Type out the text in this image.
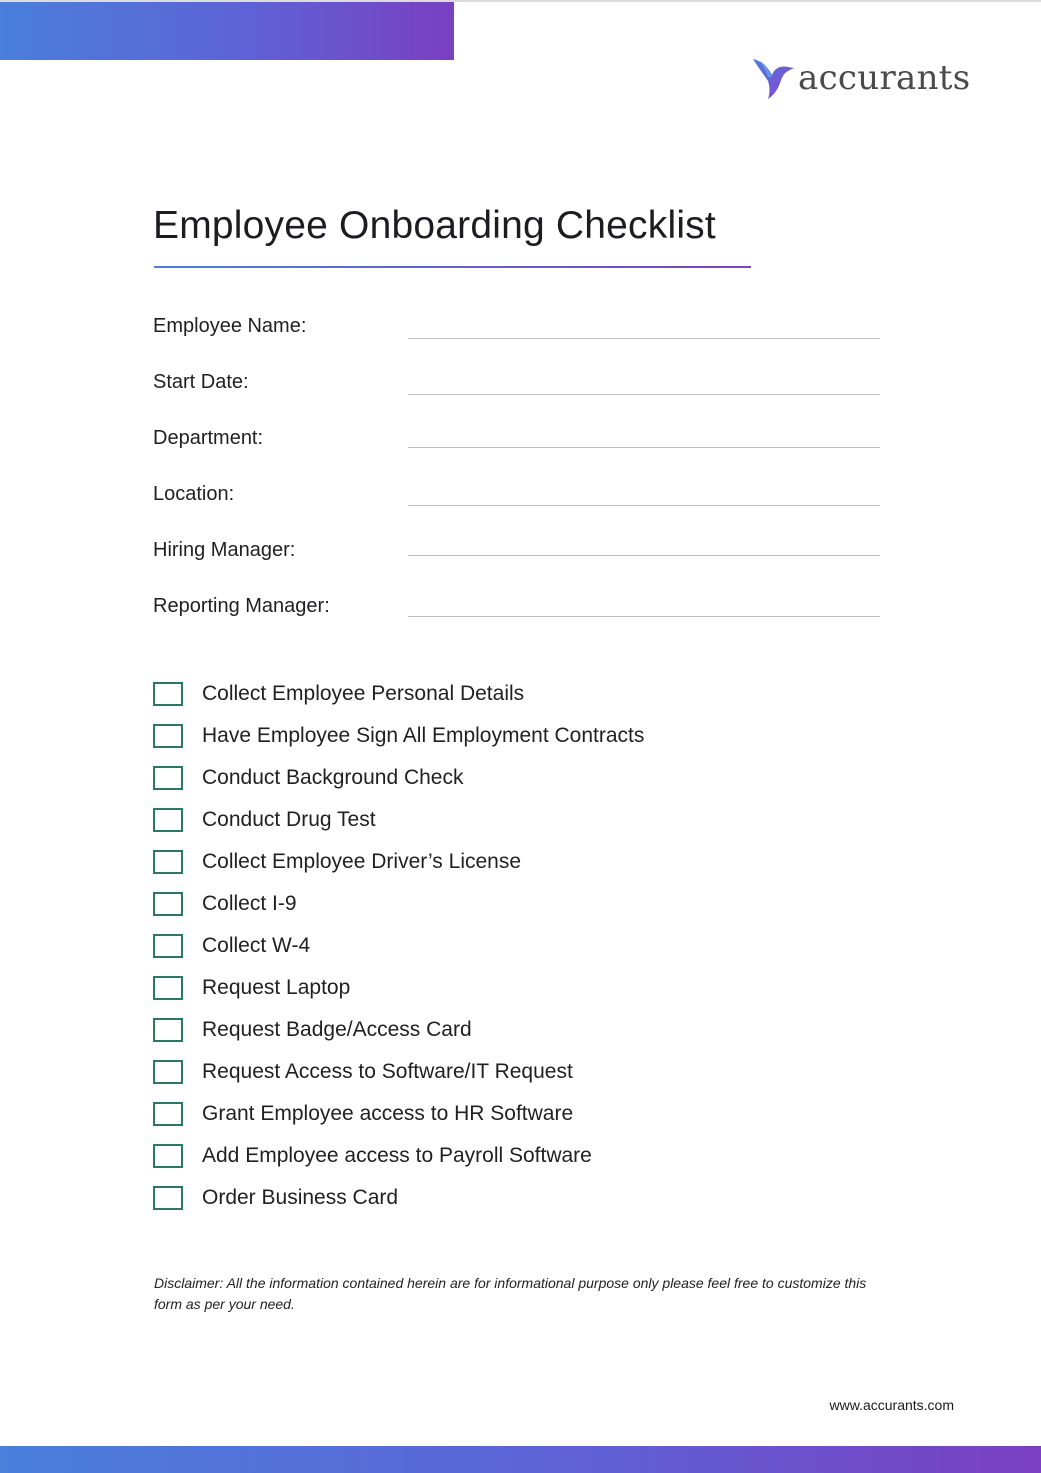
accurants
Employee Onboarding Checklist
Employee Name:
Start Date:
Department:
Location:
Hiring Manager:
Reporting Manager:
Collect Employee Personal Details
Have Employee Sign All Employment Contracts
Conduct Background Check
Conduct Drug Test
Collect Employee Driver’s License
Collect I-9
Collect W-4
Request Laptop
Request Badge/Access Card
Request Access to Software/IT Request
Grant Employee access to HR Software
Add Employee access to Payroll Software
Order Business Card
Disclaimer: All the information contained herein are for informational purpose only please feel free to customize this form as per your need.
www.accurants.com
